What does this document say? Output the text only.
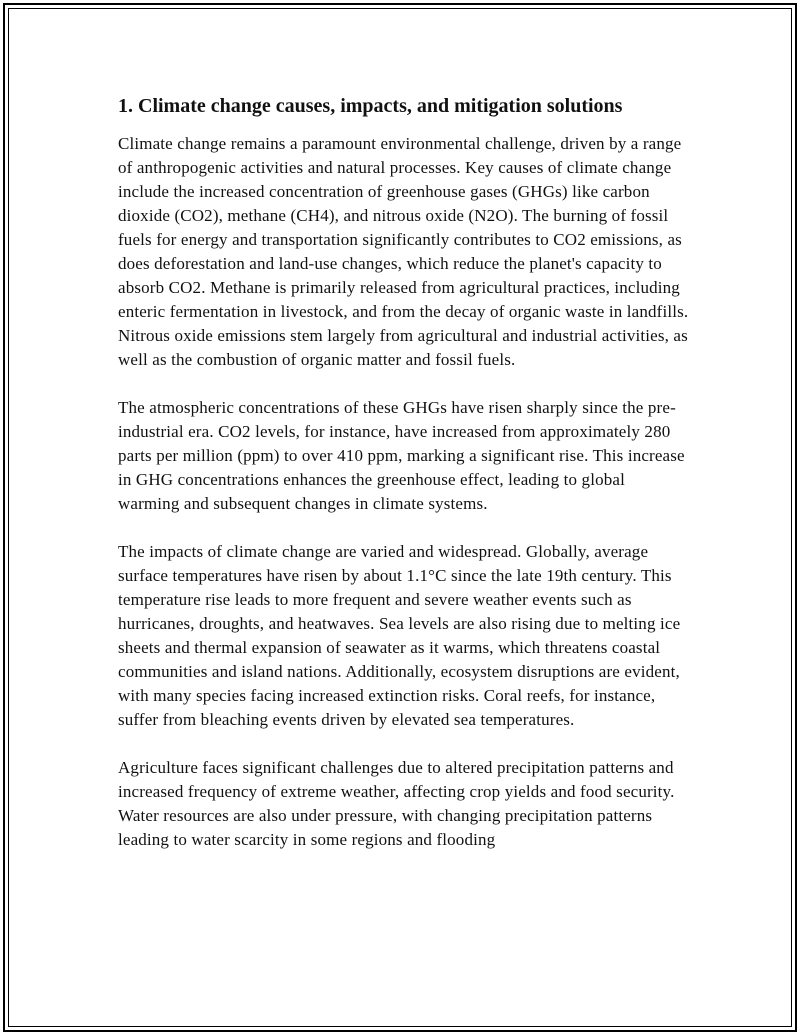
1. Climate change causes, impacts, and mitigation solutions

Climate change remains a paramount environmental challenge, driven by a range of anthropogenic activities and natural processes. Key causes of climate change include the increased concentration of greenhouse gases (GHGs) like carbon dioxide (CO2), methane (CH4), and nitrous oxide (N2O). The burning of fossil fuels for energy and transportation significantly contributes to CO2 emissions, as does deforestation and land-use changes, which reduce the planet's capacity to absorb CO2. Methane is primarily released from agricultural practices, including enteric fermentation in livestock, and from the decay of organic waste in landfills. Nitrous oxide emissions stem largely from agricultural and industrial activities, as well as the combustion of organic matter and fossil fuels.

The atmospheric concentrations of these GHGs have risen sharply since the pre-industrial era. CO2 levels, for instance, have increased from approximately 280 parts per million (ppm) to over 410 ppm, marking a significant rise. This increase in GHG concentrations enhances the greenhouse effect, leading to global warming and subsequent changes in climate systems.

The impacts of climate change are varied and widespread. Globally, average surface temperatures have risen by about 1.1°C since the late 19th century. This temperature rise leads to more frequent and severe weather events such as hurricanes, droughts, and heatwaves. Sea levels are also rising due to melting ice sheets and thermal expansion of seawater as it warms, which threatens coastal communities and island nations. Additionally, ecosystem disruptions are evident, with many species facing increased extinction risks. Coral reefs, for instance, suffer from bleaching events driven by elevated sea temperatures.

Agriculture faces significant challenges due to altered precipitation patterns and increased frequency of extreme weather, affecting crop yields and food security. Water resources are also under pressure, with changing precipitation patterns leading to water scarcity in some regions and flooding
